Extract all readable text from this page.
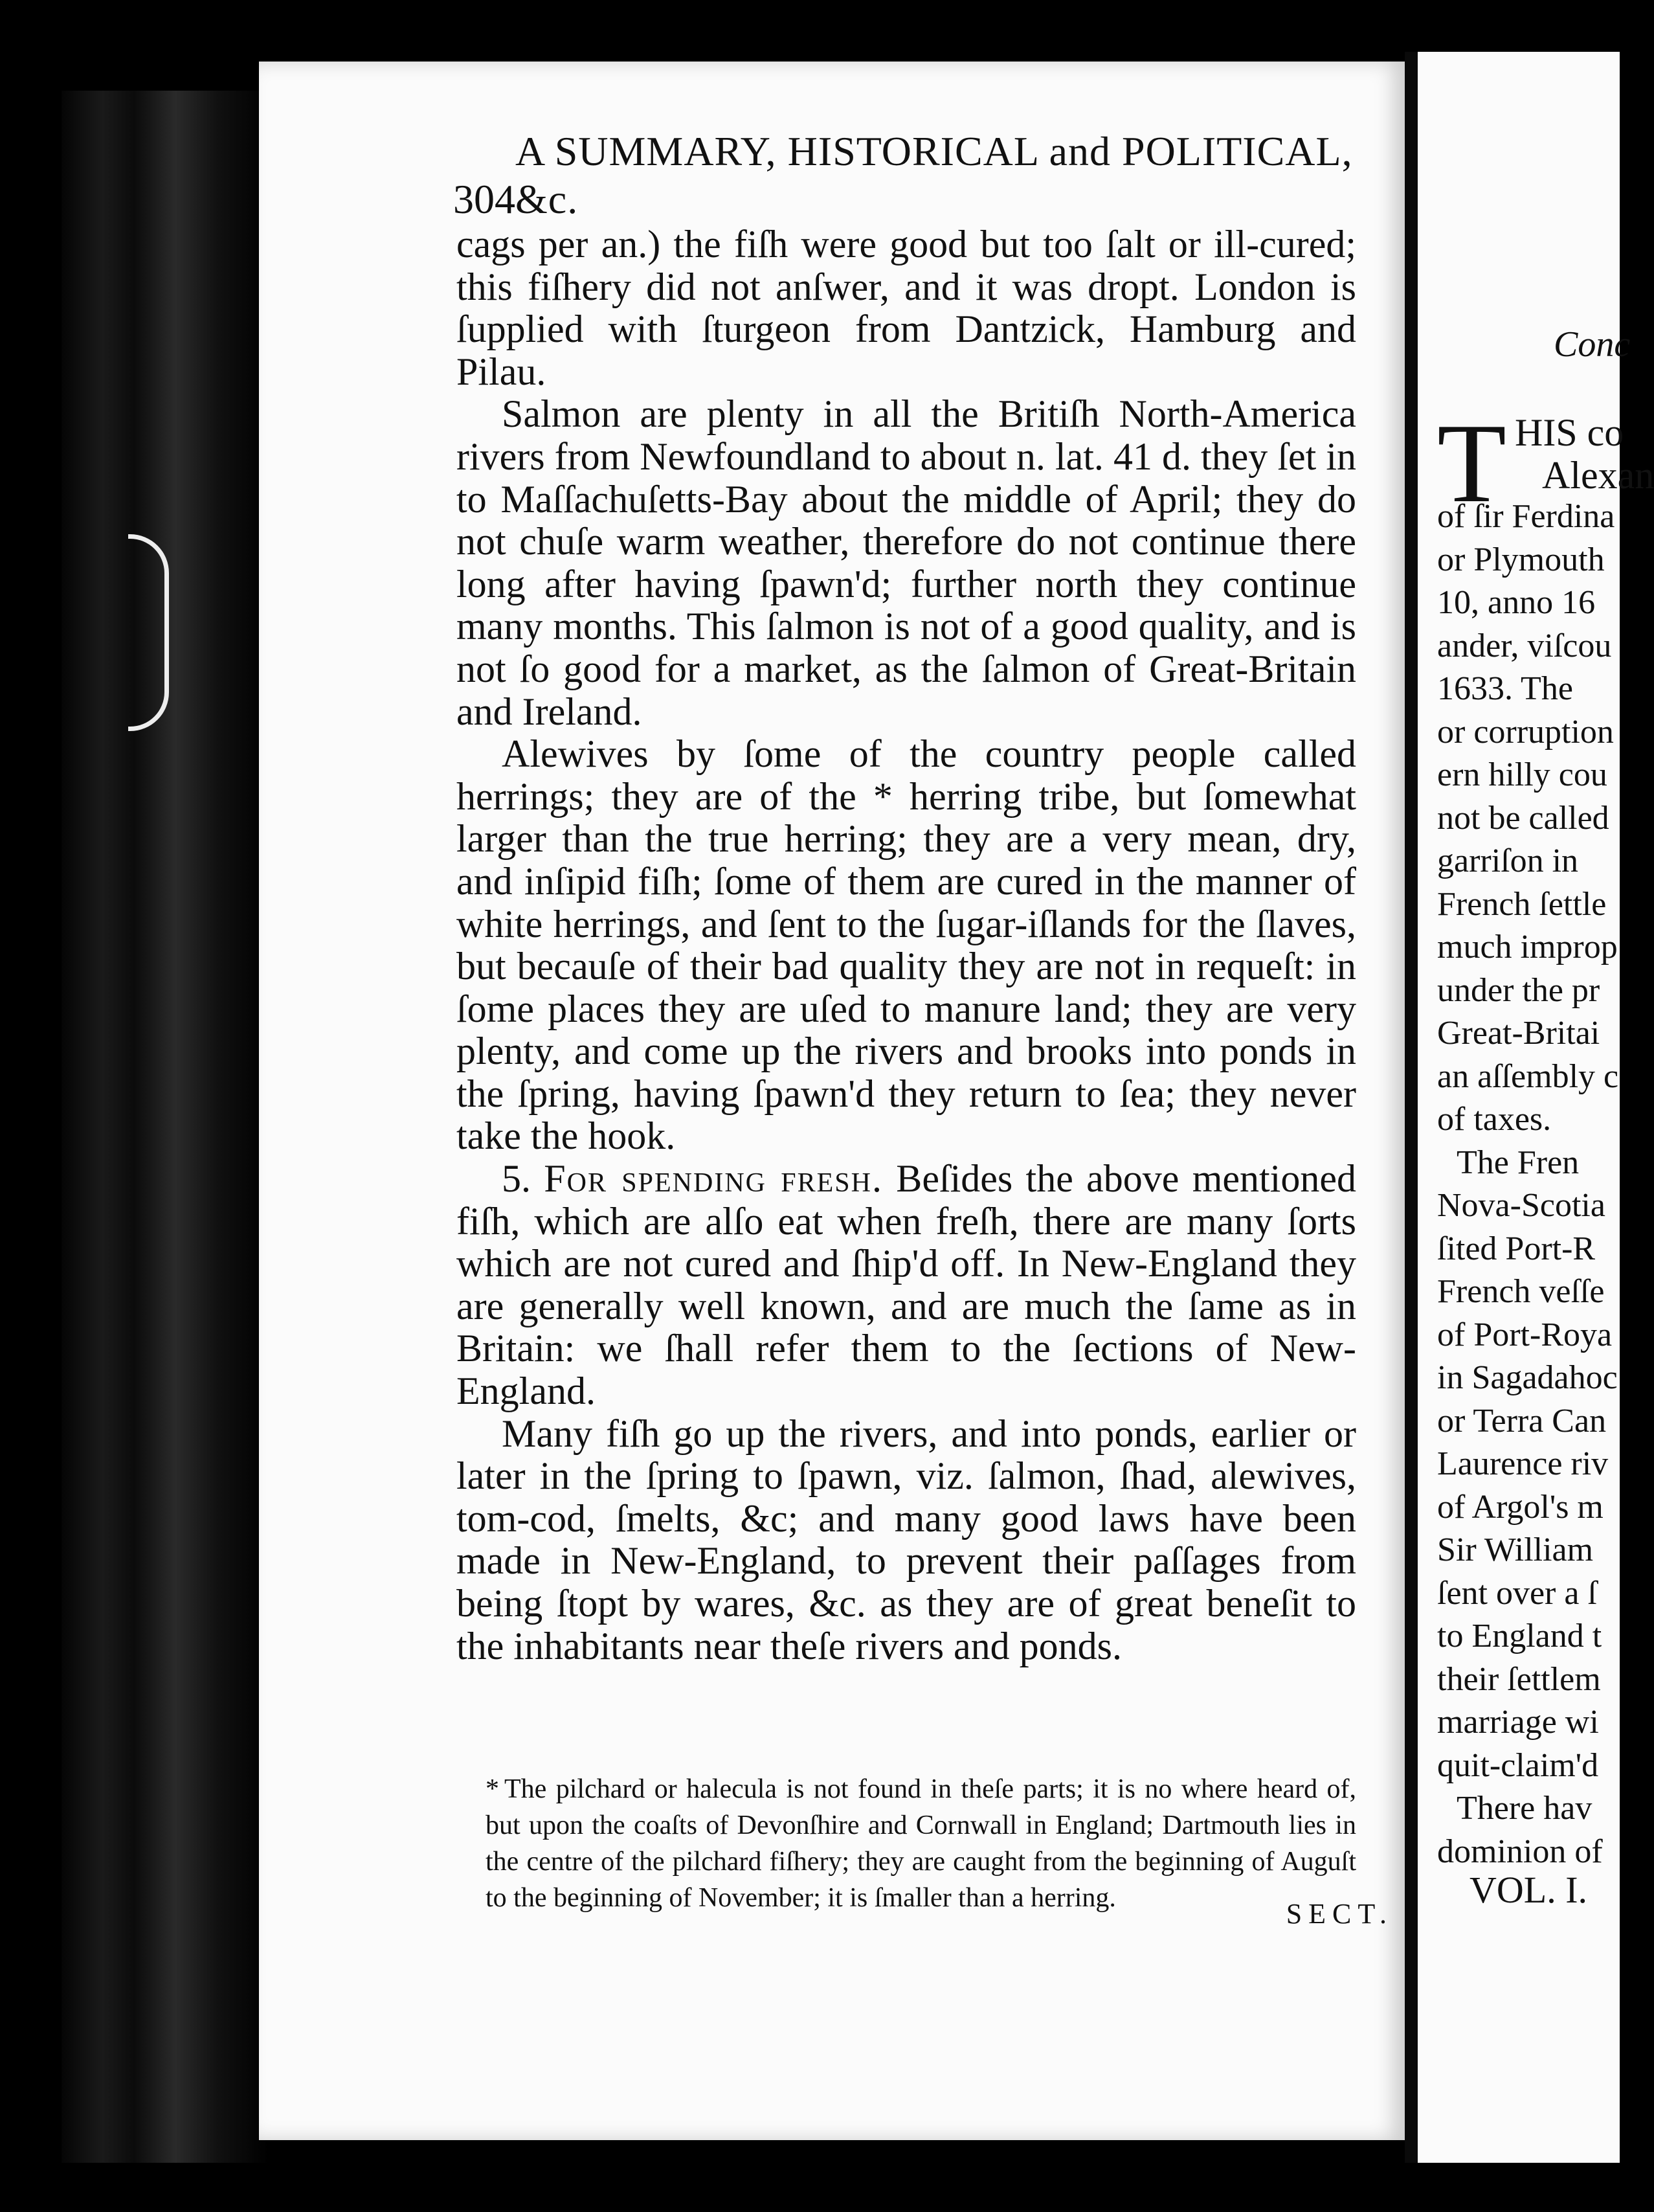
304
A SUMMARY, HISTORICAL and POLITICAL, &c.

cags per an.) the fiſh were good but too ſalt or ill-cured; this fiſhery did not anſwer, and it was dropt. London is ſupplied with ſturgeon from Dantzick, Hamburg and Pilau.

Salmon are plenty in all the Britiſh North-America rivers from Newfoundland to about n. lat. 41 d. they ſet in to Maſſachuſetts-Bay about the middle of April; they do not chuſe warm weather, therefore do not continue there long after having ſpawn'd; further north they continue many months. This ſalmon is not of a good quality, and is not ſo good for a market, as the ſalmon of Great-Britain and Ireland.

Alewives by ſome of the country people called herrings; they are of the * herring tribe, but ſomewhat larger than the true herring; they are a very mean, dry, and inſipid fiſh; ſome of them are cured in the manner of white herrings, and ſent to the ſugar-iſlands for the ſlaves, but becauſe of their bad quality they are not in requeſt: in ſome places they are uſed to manure land; they are very plenty, and come up the rivers and brooks into ponds in the ſpring, having ſpawn'd they return to ſea; they never take the hook.

5. For spending fresh. Beſides the above mentioned fiſh, which are alſo eat when freſh, there are many ſorts which are not cured and ſhip'd off. In New-England they are generally well known, and are much the ſame as in Britain: we ſhall refer them to the ſections of New-England.

Many fiſh go up the rivers, and into ponds, earlier or later in the ſpring to ſpawn, viz. ſalmon, ſhad, alewives, tom-cod, ſmelts, &c; and many good laws have been made in New-England, to prevent their paſſages from being ſtopt by wares, &c. as they are of great beneſit to the inhabitants near theſe rivers and ponds.

* The pilchard or halecula is not found in theſe parts; it is no where heard of, but upon the coaſts of Devonſhire and Cornwall in England; Dartmouth lies in the centre of the pilchard fiſhery; they are caught from the beginning of Auguſt to the beginning of November; it is ſmaller than a herring.	SECT.
Conc
T HIS co
Alexan
of ſir Ferdina
or Plymouth
10, anno 16
ander, viſcou
1633. The
or corruption
ern hilly cou
not be called
garriſon in
French ſettle
much improp
under the pr
Great-Britai
an aſſembly c
of taxes.
The Fren
Nova-Scotia
ſited Port-R
French veſſe
of Port-Roya
in Sagadahoc
or Terra Can
Laurence riv
of Argol's m
Sir William
ſent over a ſ
to England t
their ſettlem
marriage wi
quit-claim'd
There hav
dominion of
VOL. I.
